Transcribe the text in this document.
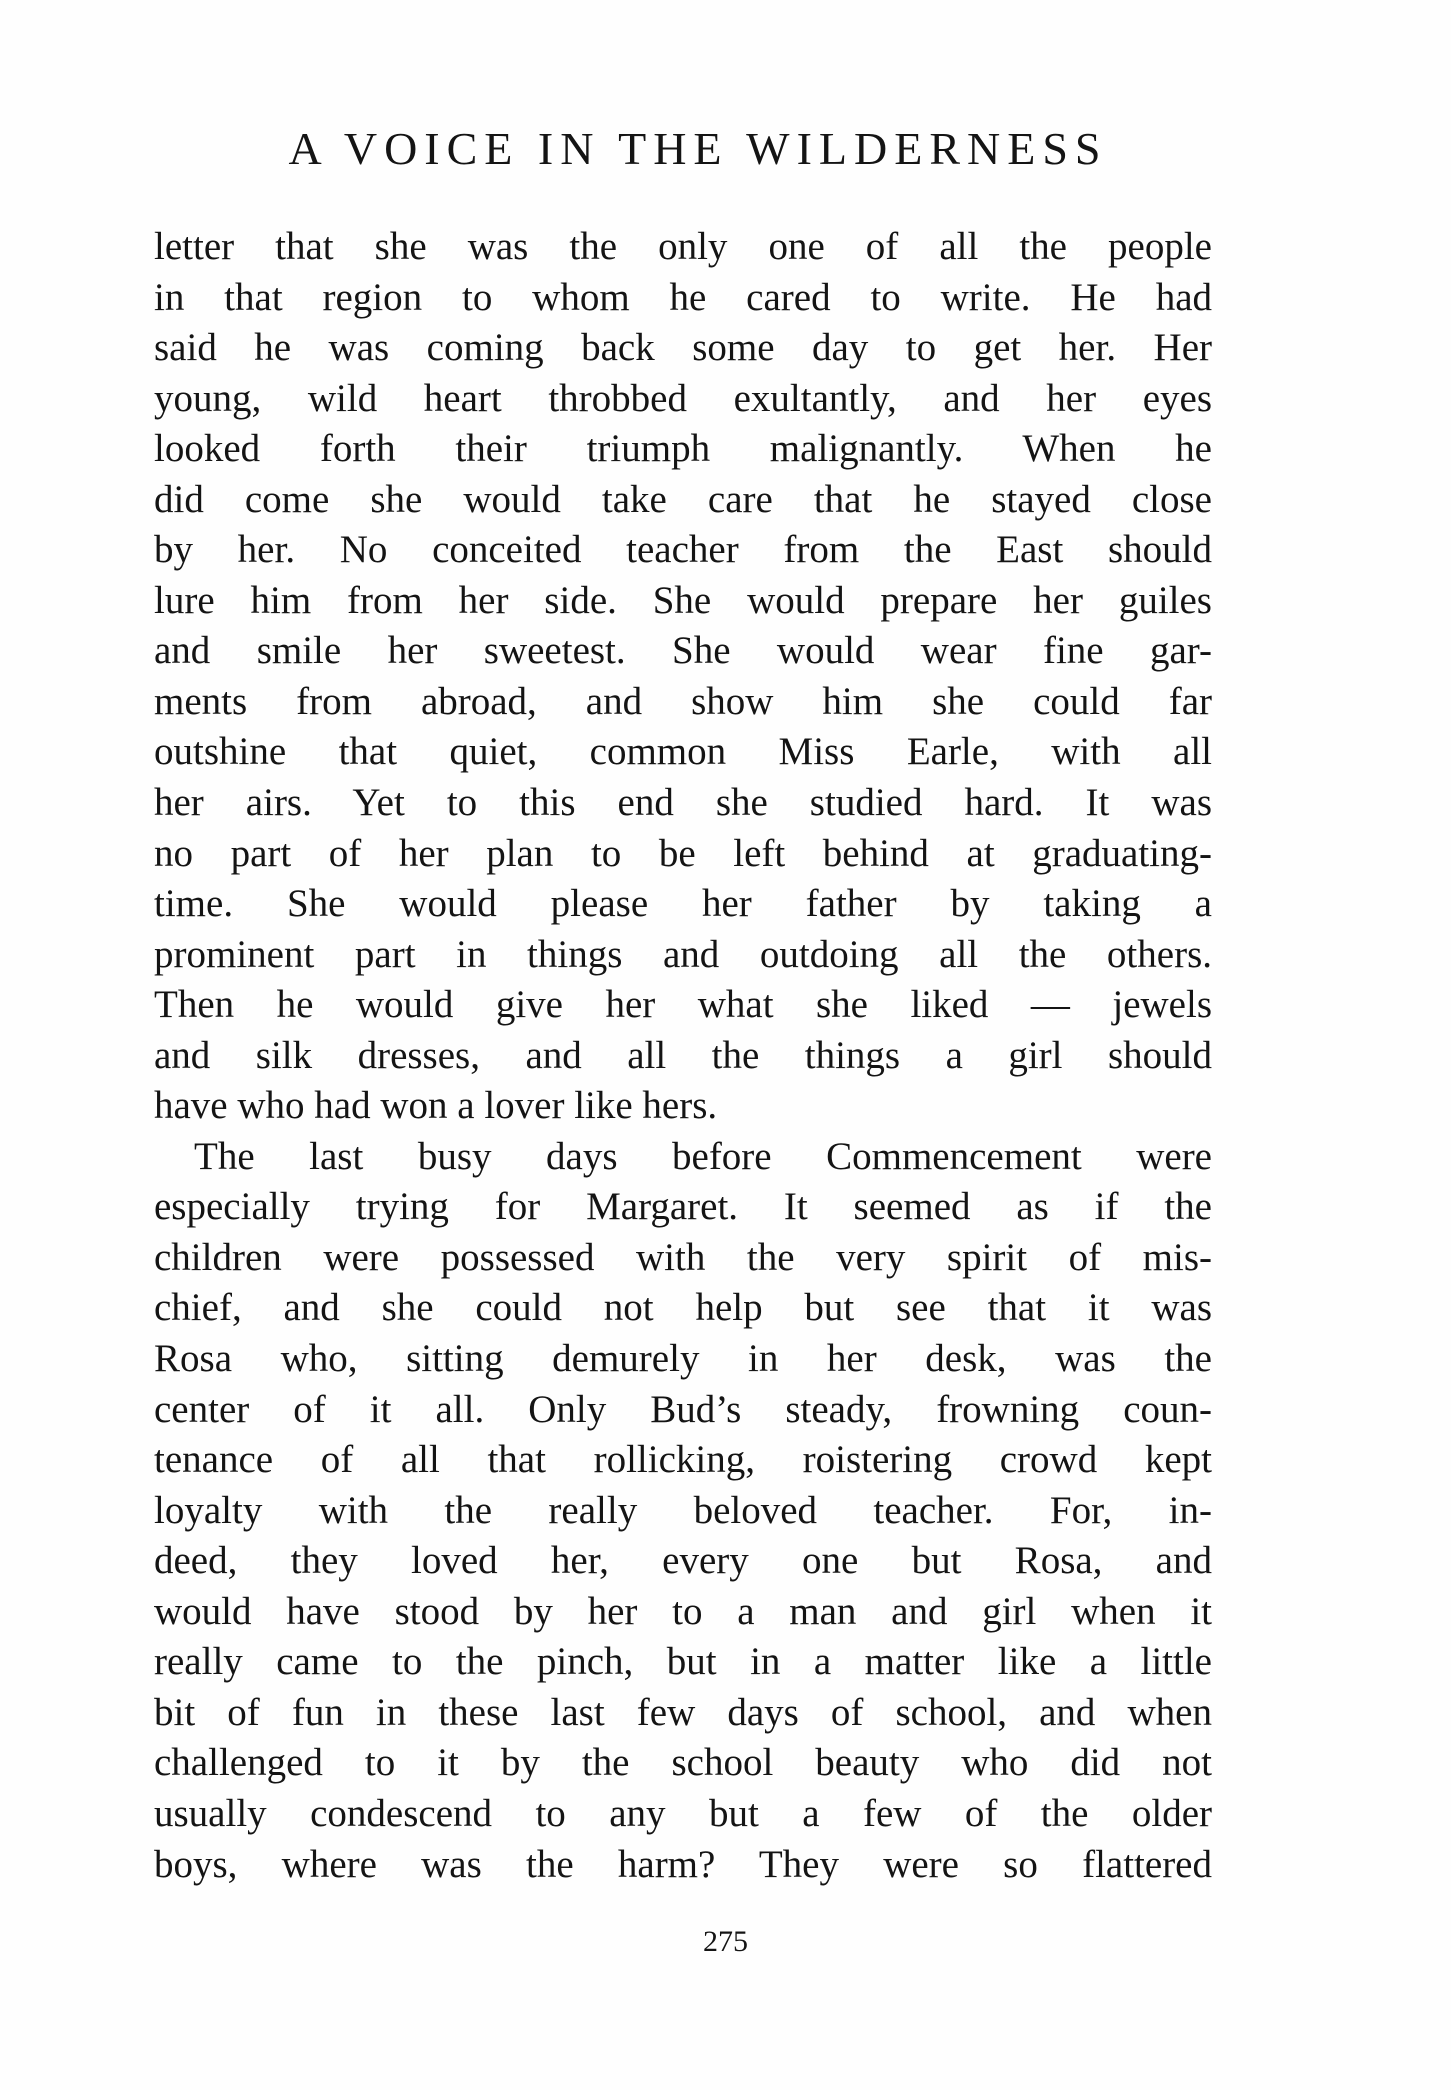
A VOICE IN THE WILDERNESS
letter that she was the only one of all the people
in that region to whom he cared to write. He had
said he was coming back some day to get her. Her
young, wild heart throbbed exultantly, and her eyes
looked forth their triumph malignantly. When he
did come she would take care that he stayed close
by her. No conceited teacher from the East should
lure him from her side. She would prepare her guiles
and smile her sweetest. She would wear fine gar-
ments from abroad, and show him she could far
outshine that quiet, common Miss Earle, with all
her airs. Yet to this end she studied hard. It was
no part of her plan to be left behind at graduating-
time. She would please her father by taking a
prominent part in things and outdoing all the others.
Then he would give her what she liked — jewels
and silk dresses, and all the things a girl should
have who had won a lover like hers.
The last busy days before Commencement were
especially trying for Margaret. It seemed as if the
children were possessed with the very spirit of mis-
chief, and she could not help but see that it was
Rosa who, sitting demurely in her desk, was the
center of it all. Only Bud’s steady, frowning coun-
tenance of all that rollicking, roistering crowd kept
loyalty with the really beloved teacher. For, in-
deed, they loved her, every one but Rosa, and
would have stood by her to a man and girl when it
really came to the pinch, but in a matter like a little
bit of fun in these last few days of school, and when
challenged to it by the school beauty who did not
usually condescend to any but a few of the older
boys, where was the harm? They were so flattered
275
